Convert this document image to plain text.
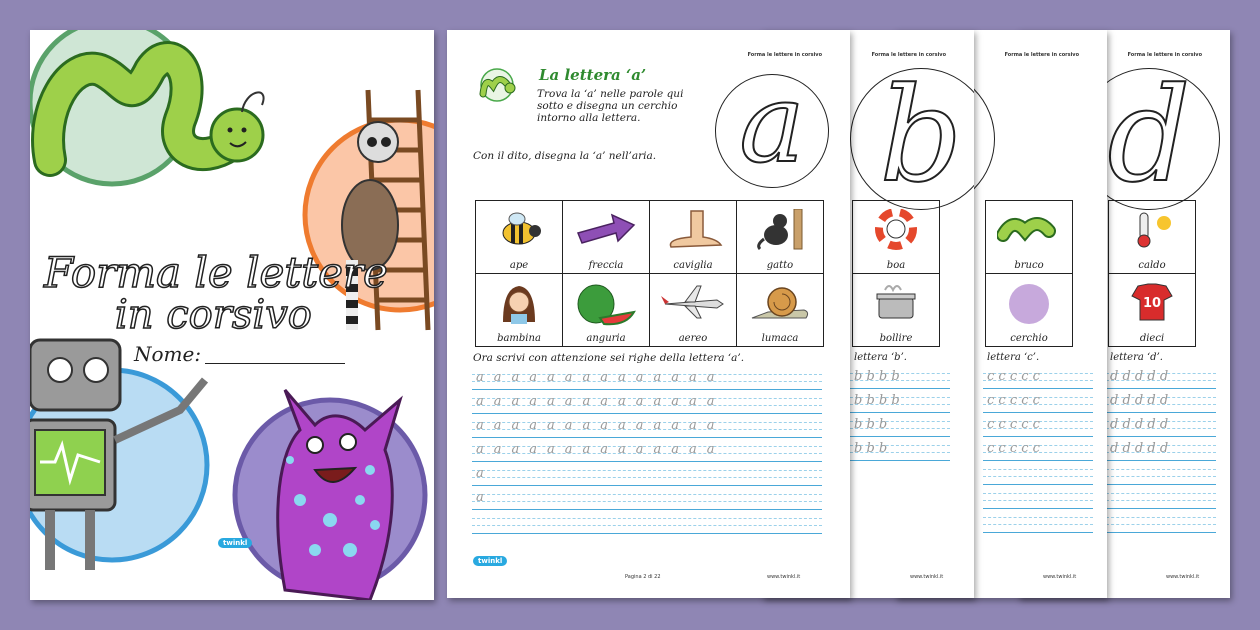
Forma le lettere
in corsivo
Nome:
twinkl
Forma le lettere in corsivo
d
caldo

10
dieci
lettera ‘d’.
d d d d d
d d d d d
d d d d d
d d d d d
www.twinkl.it
Forma le lettere in corsivo
bruco

cerchio
lettera ‘c’.
c c c c c
c c c c c
c c c c c
c c c c c
www.twinkl.it
Forma le lettere in corsivo
b
boa

bollire
lettera ‘b’.
b b b b
b b b b
b b b
b b b
www.twinkl.it
Forma le lettere in corsivo
La lettera ‘a’
Trova la ‘a’ nelle parole qui sotto e disegna un cerchio intorno alla lettera.
Con il dito, disegna la ‘a’ nell’aria. a
ape	freccia	caviglia	gatto

bambina	anguria	aereo	lumaca
Ora scrivi con attenzione sei righe della lettera ‘a’.
aaaaaaaaaaaaaa
aaaaaaaaaaaaaa
aaaaaaaaaaaaaa
aaaaaaaaaaaaaa
a
a
twinkl
Pagina 2 di 22	www.twinkl.it
